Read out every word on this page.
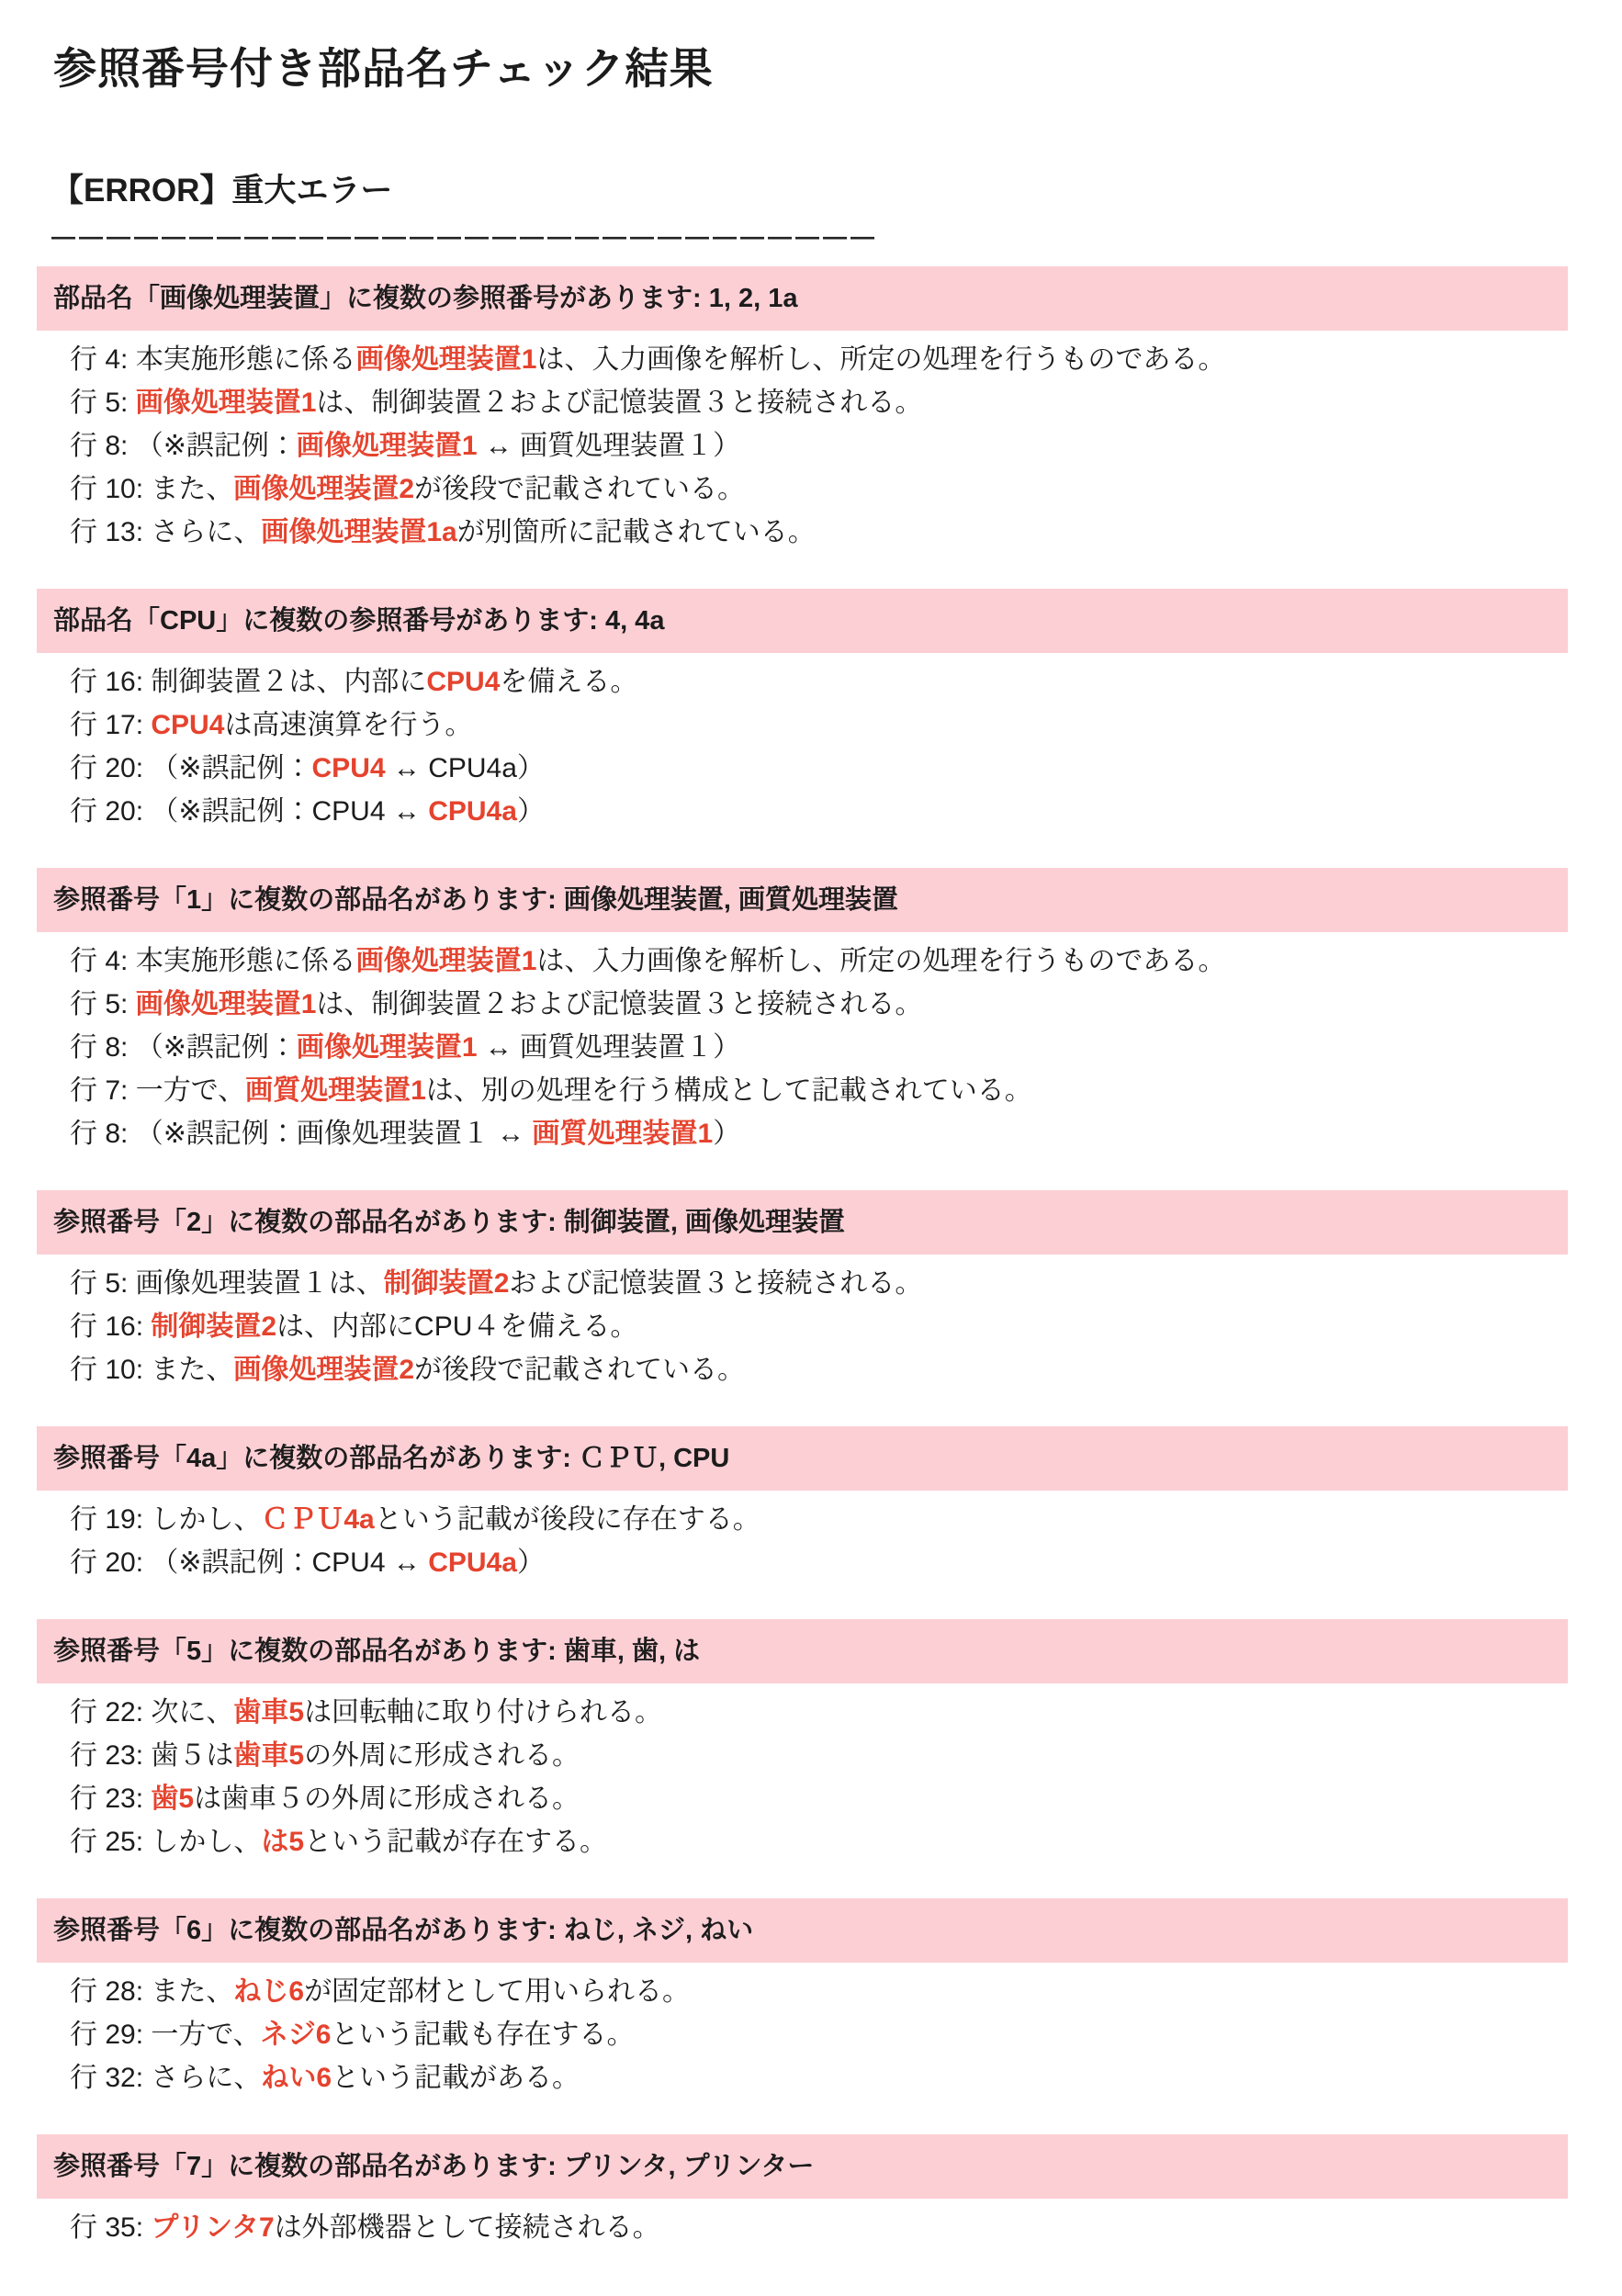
参照番号付き部品名チェック結果
【ERROR】重大エラー
——————————————————————————————
部品名「画像処理装置」に複数の参照番号があります: 1, 2, 1a
行 4: 本実施形態に係る画像処理装置1は、入力画像を解析し、所定の処理を行うものである。
行 5: 画像処理装置1は、制御装置２および記憶装置３と接続される。
行 8: （※誤記例：画像処理装置1 ↔ 画質処理装置１）
行 10: また、画像処理装置2が後段で記載されている。
行 13: さらに、画像処理装置1aが別箇所に記載されている。
部品名「CPU」に複数の参照番号があります: 4, 4a
行 16: 制御装置２は、内部にCPU4を備える。
行 17: CPU4は高速演算を行う。
行 20: （※誤記例：CPU4 ↔ CPU4a）
行 20: （※誤記例：CPU4 ↔ CPU4a）
参照番号「1」に複数の部品名があります: 画像処理装置, 画質処理装置
行 4: 本実施形態に係る画像処理装置1は、入力画像を解析し、所定の処理を行うものである。
行 5: 画像処理装置1は、制御装置２および記憶装置３と接続される。
行 8: （※誤記例：画像処理装置1 ↔ 画質処理装置１）
行 7: 一方で、画質処理装置1は、別の処理を行う構成として記載されている。
行 8: （※誤記例：画像処理装置１ ↔ 画質処理装置1）
参照番号「2」に複数の部品名があります: 制御装置, 画像処理装置
行 5: 画像処理装置１は、制御装置2および記憶装置３と接続される。
行 16: 制御装置2は、内部にCPU４を備える。
行 10: また、画像処理装置2が後段で記載されている。
参照番号「4a」に複数の部品名があります: ＣＰＵ, CPU
行 19: しかし、ＣＰＵ4aという記載が後段に存在する。
行 20: （※誤記例：CPU4 ↔ CPU4a）
参照番号「5」に複数の部品名があります: 歯車, 歯, は
行 22: 次に、歯車5は回転軸に取り付けられる。
行 23: 歯５は歯車5の外周に形成される。
行 23: 歯5は歯車５の外周に形成される。
行 25: しかし、は5という記載が存在する。
参照番号「6」に複数の部品名があります: ねじ, ネジ, ねい
行 28: また、ねじ6が固定部材として用いられる。
行 29: 一方で、ネジ6という記載も存在する。
行 32: さらに、ねい6という記載がある。
参照番号「7」に複数の部品名があります: プリンタ, プリンター
行 35: プリンタ7は外部機器として接続される。
